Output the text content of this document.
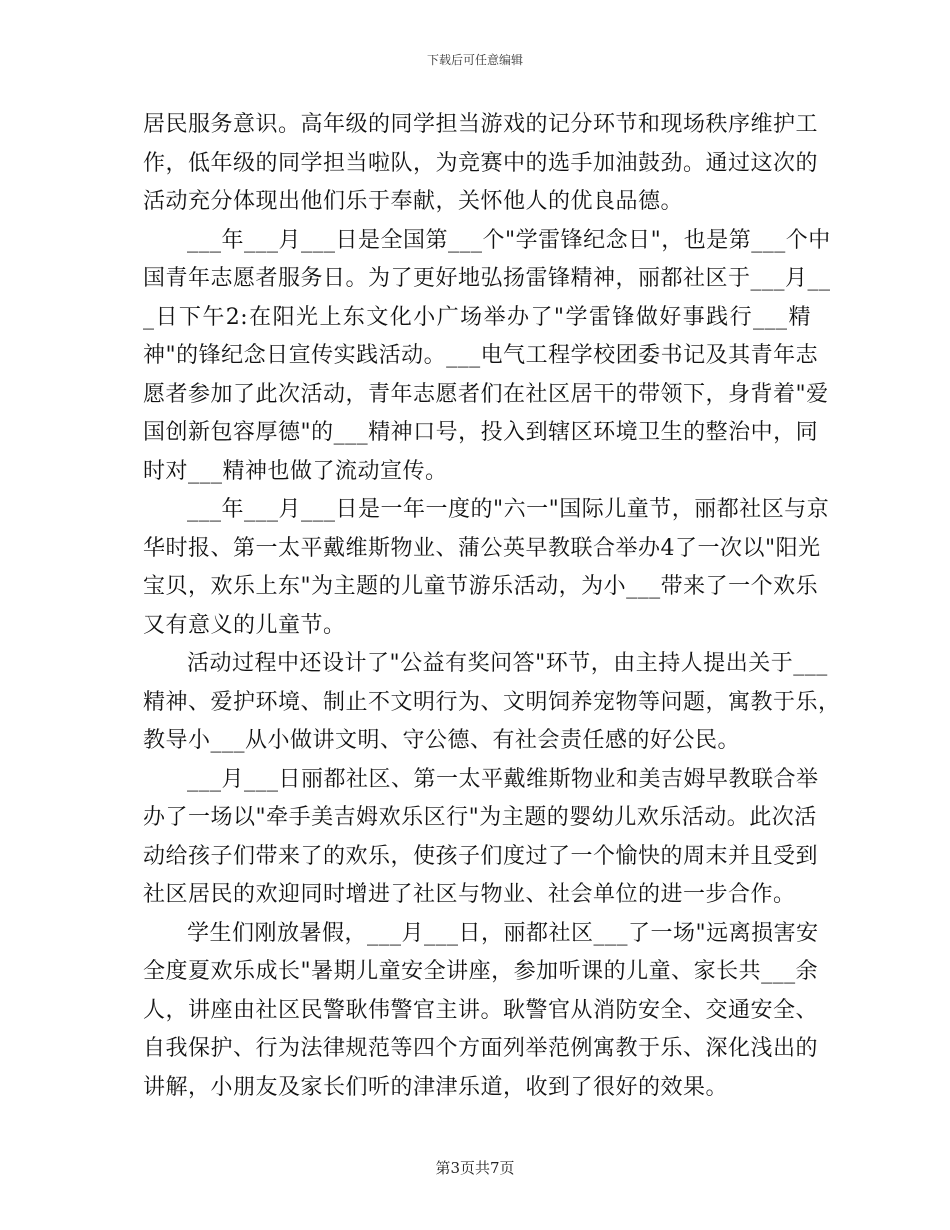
下载后可任意编辑
居民服务意识。高年级的同学担当游戏的记分环节和现场秩序维护工
作，低年级的同学担当啦队，为竞赛中的选手加油鼓劲。通过这次的
活动充分体现出他们乐于奉献，关怀他人的优良品德。
___年___月___日是全国第___个"学雷锋纪念日"，也是第___个中
国青年志愿者服务日。为了更好地弘扬雷锋精神，丽都社区于___月__
_日下午2:在阳光上东文化小广场举办了"学雷锋做好事践行___精
神"的锋纪念日宣传实践活动。___电气工程学校团委书记及其青年志
愿者参加了此次活动，青年志愿者们在社区居干的带领下，身背着"爱
国创新包容厚德"的___精神口号，投入到辖区环境卫生的整治中，同
时对___精神也做了流动宣传。
___年___月___日是一年一度的"六一"国际儿童节，丽都社区与京
华时报、第一太平戴维斯物业、蒲公英早教联合举办4了一次以"阳光
宝贝，欢乐上东"为主题的儿童节游乐活动，为小___带来了一个欢乐
又有意义的儿童节。
活动过程中还设计了"公益有奖问答"环节，由主持人提出关于___
精神、爱护环境、制止不文明行为、文明饲养宠物等问题，寓教于乐，
教导小___从小做讲文明、守公德、有社会责任感的好公民。
___月___日丽都社区、第一太平戴维斯物业和美吉姆早教联合举
办了一场以"牵手美吉姆欢乐区行"为主题的婴幼儿欢乐活动。此次活
动给孩子们带来了的欢乐，使孩子们度过了一个愉快的周末并且受到
社区居民的欢迎同时增进了社区与物业、社会单位的进一步合作。
学生们刚放暑假，___月___日，丽都社区___了一场"远离损害安
全度夏欢乐成长"暑期儿童安全讲座，参加听课的儿童、家长共___余
人，讲座由社区民警耿伟警官主讲。耿警官从消防安全、交通安全、
自我保护、行为法律规范等四个方面列举范例寓教于乐、深化浅出的
讲解，小朋友及家长们听的津津乐道，收到了很好的效果。
第3页共7页
